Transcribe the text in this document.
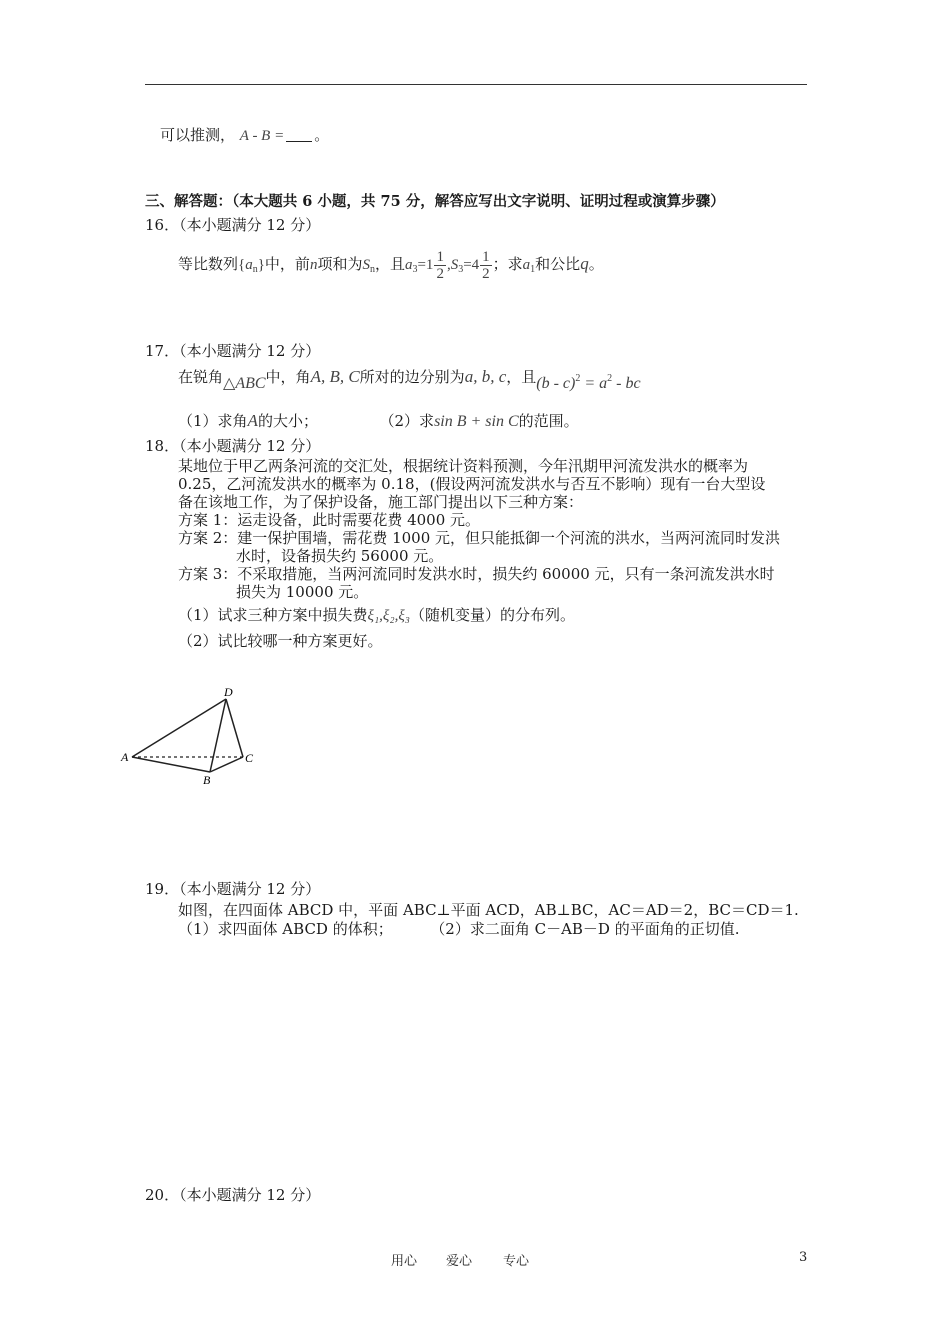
可以推测， A - B = 。
三、解答题：（本大题共 6 小题，共 75 分，解答应写出文字说明、证明过程或演算步骤）
16．（本小题满分 12 分）
等比数列$\{a_n\}$中，前n项和为$S_n$，且$a_3=1 \frac{1}{2} ,S_3=4 \frac{1}{2}$ ；求$a_1$和公比q。
17．（本小题满分 12 分）
在锐角△ABC中，角A, B, C所对的边分别为a, b, c，且$(b - c)^2 = a^2$ - bc
（1）求角A的大小；	（2）求sin B + sin C的范围。
18．（本小题满分 12 分）
某地位于甲乙两条河流的交汇处，根据统计资料预测，今年汛期甲河流发洪水的概率为
0.25，乙河流发洪水的概率为 0.18，(假设两河流发洪水与否互不影响）现有一台大型设
备在该地工作，为了保护设备，施工部门提出以下三种方案：
方案 1：运走设备，此时需要花费 4000 元。
方案 2：建一保护围墙，需花费 1000 元，但只能抵御一个河流的洪水，当两河流同时发洪
水时，设备损失约 56000 元。
方案 3：不采取措施，当两河流同时发洪水时，损失约 60000 元，只有一条河流发洪水时
损失为 10000 元。
（1）试求三种方案中损失费ξ₁,ξ₂,ξ₃（随机变量）的分布列。
（2）试比较哪一种方案更好。
D
A
B
C
19．（本小题满分 12 分）
如图，在四面体 ABCD 中，平面 ABC⊥平面 ACD，AB⊥BC，AC＝AD＝2，BC＝CD＝1.
（1）求四面体 ABCD 的体积；	（2）求二面角 C－AB－D 的平面角的正切值.
20．（本小题满分 12 分）
用心 爱心 专心	3
